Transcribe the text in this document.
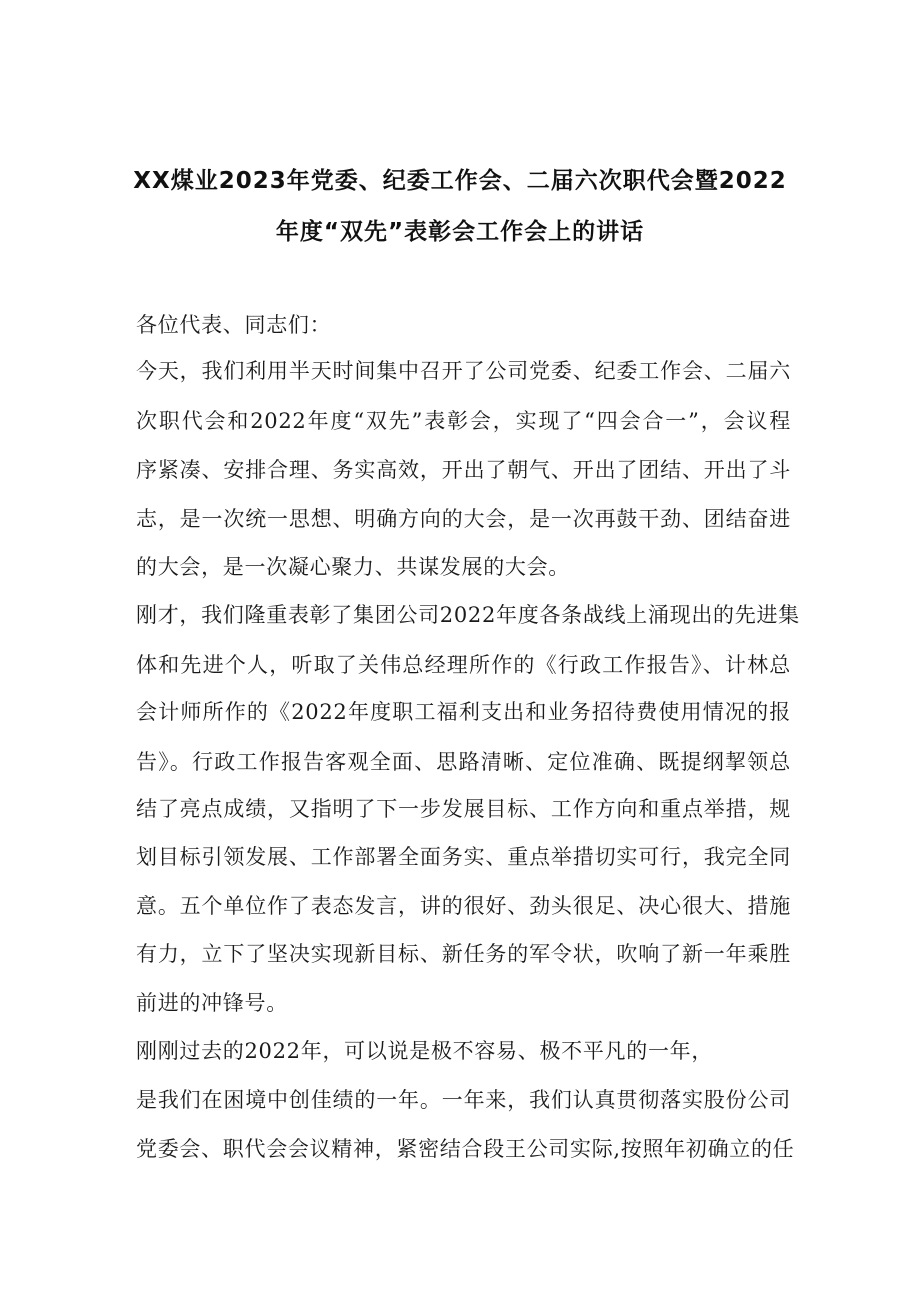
XX煤业2023年党委、纪委工作会、二届六次职代会暨2022
年度“双先”表彰会工作会上的讲话

各位代表、同志们：

今天，我们利用半天时间集中召开了公司党委、纪委工作会、二届六

次职代会和2022年度“双先”表彰会，实现了“四会合一”，会议程

序紧凑、安排合理、务实高效，开出了朝气、开出了团结、开出了斗

志，是一次统一思想、明确方向的大会，是一次再鼓干劲、团结奋进

的大会，是一次凝心聚力、共谋发展的大会。

刚才，我们隆重表彰了集团公司2022年度各条战线上涌现出的先进集

体和先进个人，听取了关伟总经理所作的《行政工作报告》、计林总

会计师所作的《2022年度职工福利支出和业务招待费使用情况的报

告》。行政工作报告客观全面、思路清晰、定位准确、既提纲挈领总

结了亮点成绩，又指明了下一步发展目标、工作方向和重点举措，规

划目标引领发展、工作部署全面务实、重点举措切实可行，我完全同

意。五个单位作了表态发言，讲的很好、劲头很足、决心很大、措施

有力，立下了坚决实现新目标、新任务的军令状，吹响了新一年乘胜

前进的冲锋号。

刚刚过去的2022年，可以说是极不容易、极不平凡的一年，

是我们在困境中创佳绩的一年。一年来，我们认真贯彻落实股份公司

党委会、职代会会议精神，紧密结合段王公司实际,按照年初确立的任
